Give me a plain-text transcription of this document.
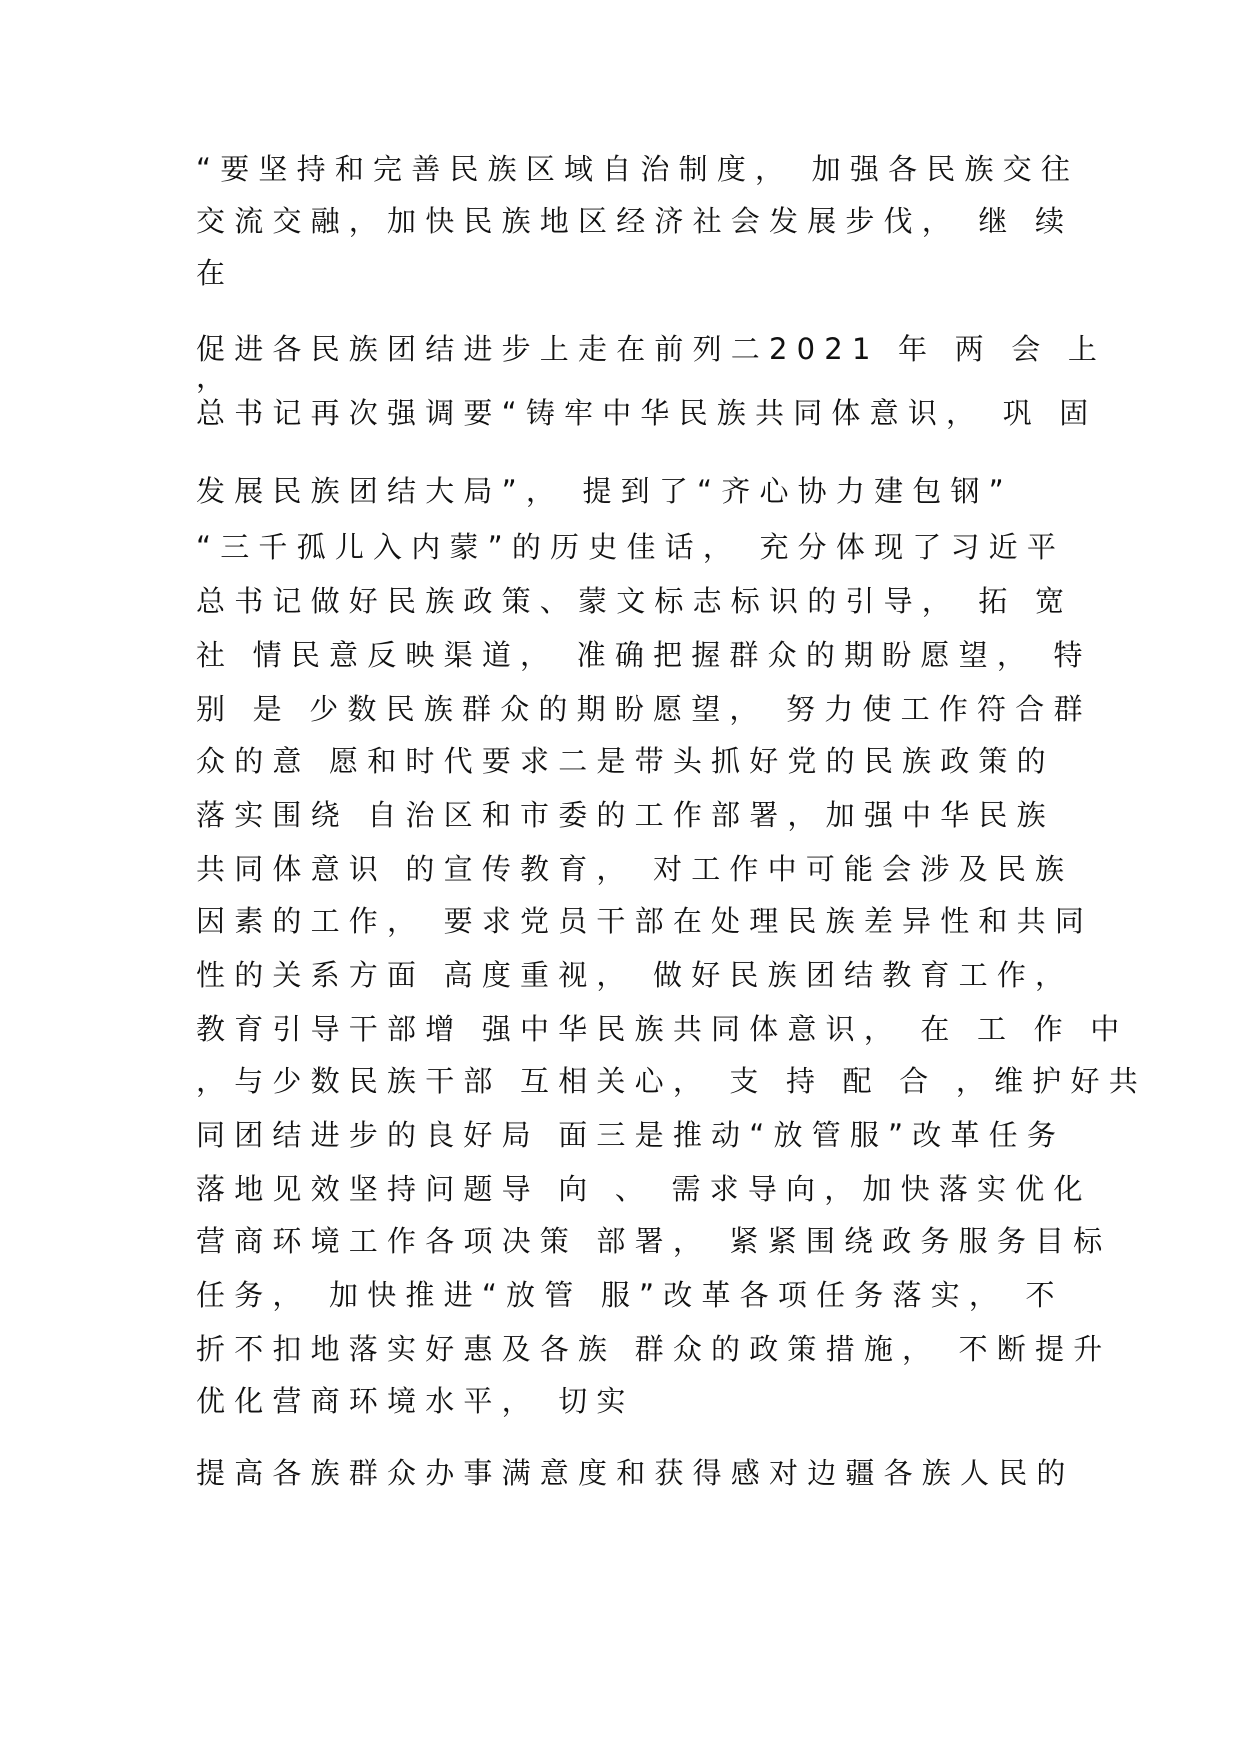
“要坚持和完善民族区域自治制度， 加强各民族交往
交流交融，加快民族地区经济社会发展步伐， 继 续
在
促进各民族团结进步上走在前列二2021 年 两 会 上
，
总书记再次强调要“铸牢中华民族共同体意识， 巩 固
发展民族团结大局”， 提到了“齐心协力建包钢”
“三千孤儿入内蒙”的历史佳话， 充分体现了习近平
总书记做好民族政策、蒙文标志标识的引导， 拓 宽
社 情民意反映渠道， 准确把握群众的期盼愿望， 特
别 是 少数民族群众的期盼愿望， 努力使工作符合群
众的意 愿和时代要求二是带头抓好党的民族政策的
落实围绕 自治区和市委的工作部署，加强中华民族
共同体意识 的宣传教育， 对工作中可能会涉及民族
因素的工作， 要求党员干部在处理民族差异性和共同
性的关系方面 高度重视， 做好民族团结教育工作，
教育引导干部增 强中华民族共同体意识， 在 工 作 中
，与少数民族干部 互相关心， 支 持 配 合 ，维护好共
同团结进步的良好局 面三是推动“放管服”改革任务
落地见效坚持问题导 向 、 需求导向，加快落实优化
营商环境工作各项决策 部署， 紧紧围绕政务服务目标
任务， 加快推进“放管 服”改革各项任务落实， 不
折不扣地落实好惠及各族 群众的政策措施， 不断提升
优化营商环境水平， 切实
提高各族群众办事满意度和获得感对边疆各族人民的
